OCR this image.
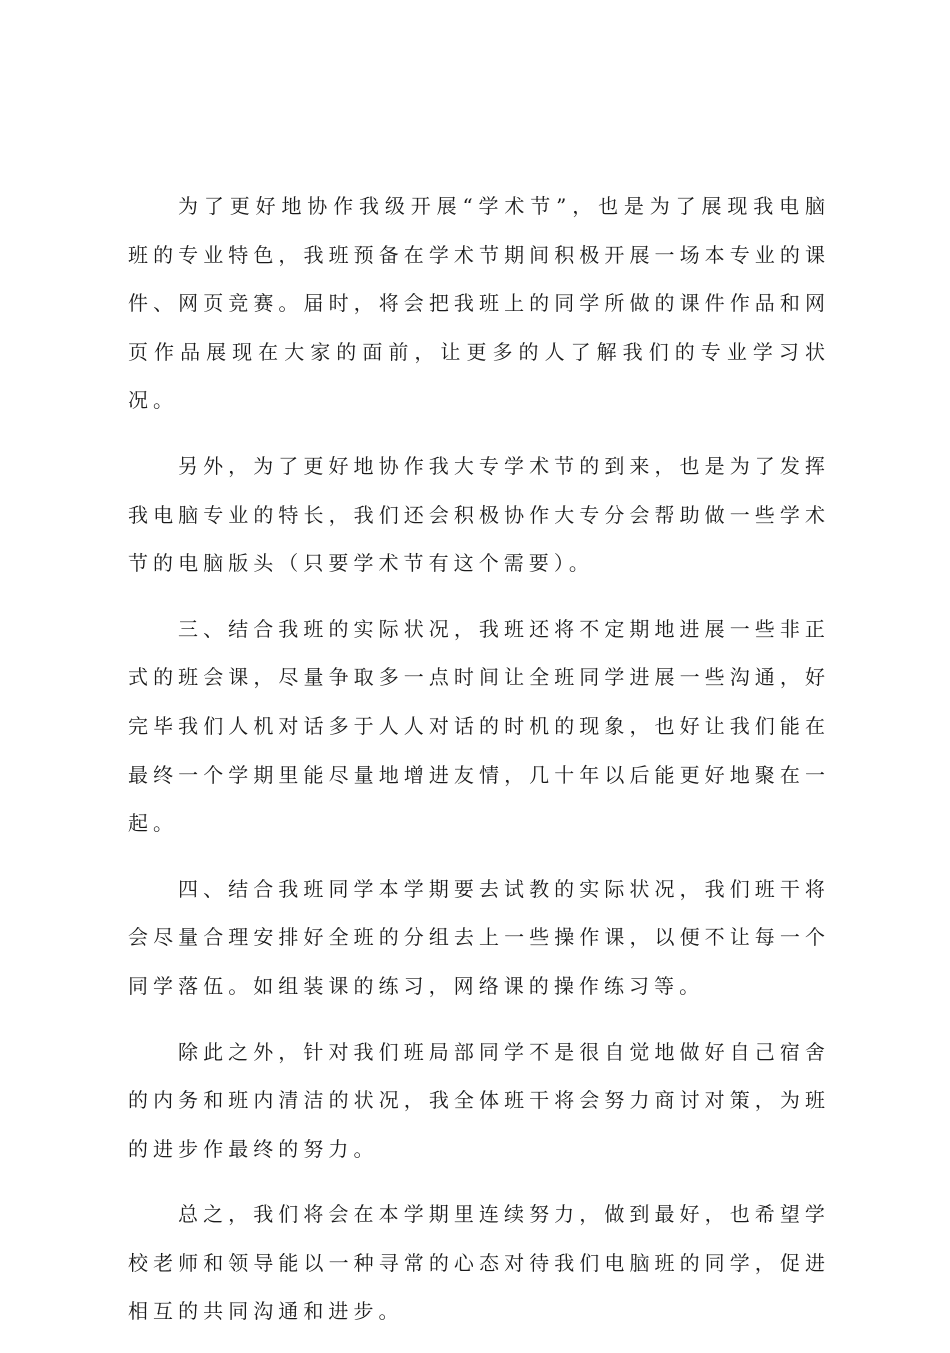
为了更好地协作我级开展“学术节”，也是为了展现我电脑班的专业特色，我班预备在学术节期间积极开展一场本专业的课件、网页竞赛。届时，将会把我班上的同学所做的课件作品和网页作品展现在大家的面前，让更多的人了解我们的专业学习状况。

另外，为了更好地协作我大专学术节的到来，也是为了发挥我电脑专业的特长，我们还会积极协作大专分会帮助做一些学术节的电脑版头（只要学术节有这个需要）。

三、结合我班的实际状况，我班还将不定期地进展一些非正式的班会课，尽量争取多一点时间让全班同学进展一些沟通，好完毕我们人机对话多于人人对话的时机的现象，也好让我们能在最终一个学期里能尽量地增进友情，几十年以后能更好地聚在一起。

四、结合我班同学本学期要去试教的实际状况，我们班干将会尽量合理安排好全班的分组去上一些操作课，以便不让每一个同学落伍。如组装课的练习，网络课的操作练习等。

除此之外，针对我们班局部同学不是很自觉地做好自己宿舍的内务和班内清洁的状况，我全体班干将会努力商讨对策，为班的进步作最终的努力。

总之，我们将会在本学期里连续努力，做到最好，也希望学校老师和领导能以一种寻常的心态对待我们电脑班的同学，促进相互的共同沟通和进步。
